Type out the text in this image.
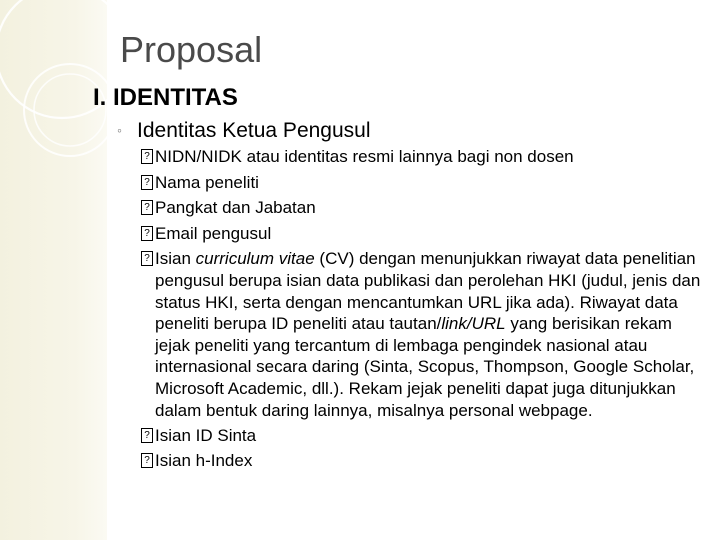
Proposal
I. IDENTITAS
◦ Identitas Ketua Pengusul
?NIDN/NIDK atau identitas resmi lainnya bagi non dosen
?Nama peneliti
?Pangkat dan Jabatan
?Email pengusul
?Isian curriculum vitae (CV) dengan menunjukkan riwayat data penelitian pengusul berupa isian data publikasi dan perolehan HKI (judul, jenis dan status HKI, serta dengan mencantumkan URL jika ada). Riwayat data peneliti berupa ID peneliti atau tautan/link/URL yang berisikan rekam jejak peneliti yang tercantum di lembaga pengindek nasional atau internasional secara daring (Sinta, Scopus, Thompson, Google Scholar, Microsoft Academic, dll.). Rekam jejak peneliti dapat juga ditunjukkan dalam bentuk daring lainnya, misalnya personal webpage.
?Isian ID Sinta
?Isian h-Index
